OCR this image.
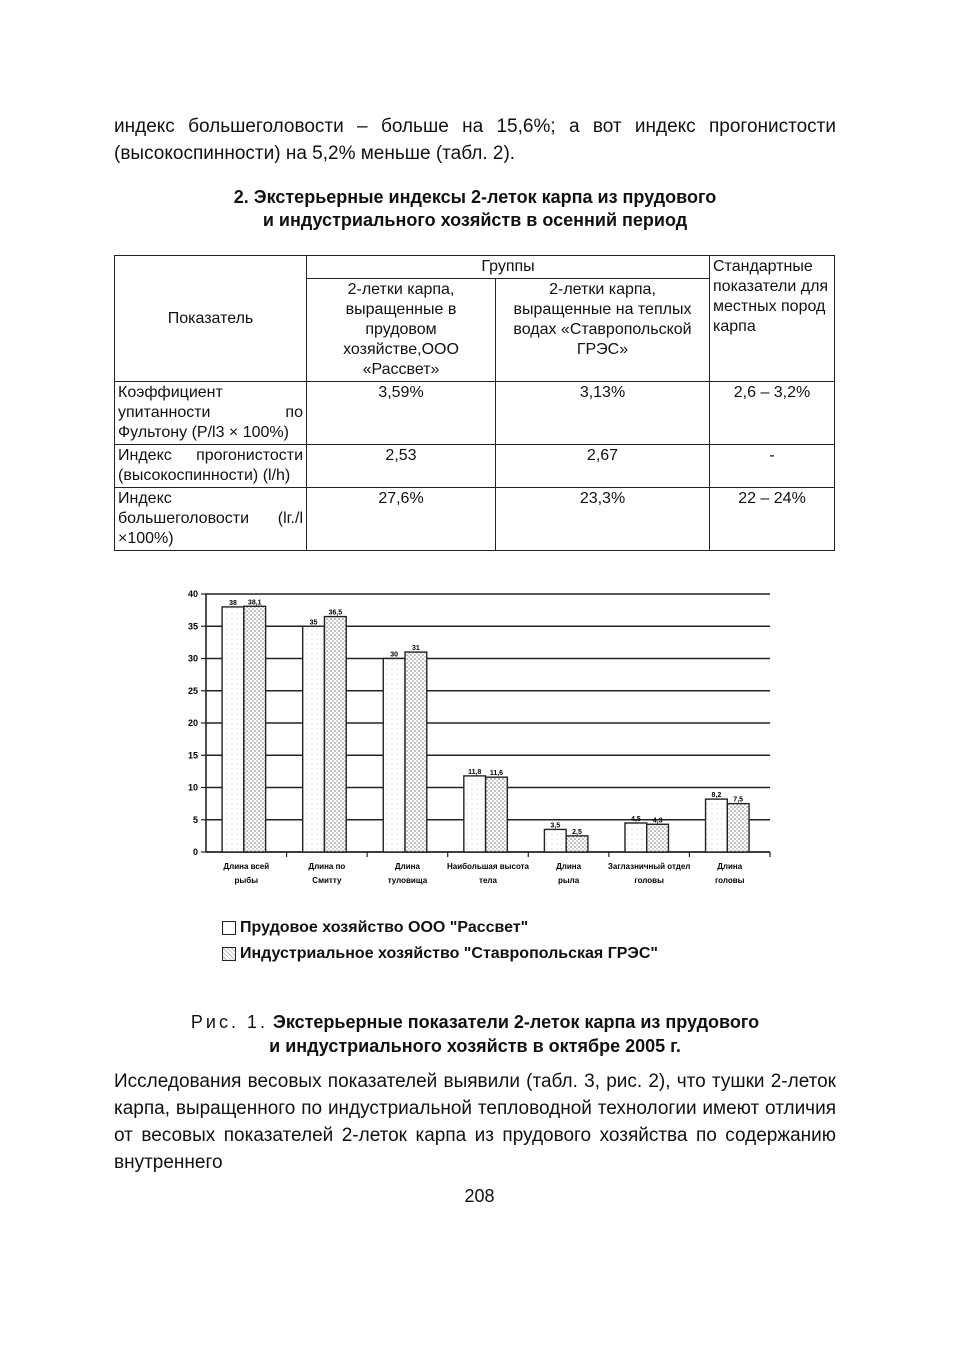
индекс большеголовости – больше на 15,6%; а вот индекс прогонистости (высокоспинности) на 5,2% меньше (табл. 2).

2. Экстерьерные индексы 2-леток карпа из прудового
и индустриального хозяйств в осенний период
Показатель	Группы		Стандартные показатели для местных пород карпа
	2-летки карпа, выращенные в прудовом хозяйстве,ООО «Рассвет»	2-летки карпа, выращенные на теплых водах «Ставропольской ГРЭС»	
Коэффициент упитанности по Фультону (P/l3 × 100%)	3,59%	3,13%	2,6 – 3,2%
Индекс прогонистости (высокоспинности) (l/h)	2,53	2,67	-
Индекс большеголовости (lг./l ×100%)	27,6%	23,3%	22 – 24%
0
5
10
15
20
25
30
35
40
38 38,1
Длина всей
рыбы
35
36,5
Длина по
Смитту
30
31
Длина
туловища
11,8 11,6
Наибольшая высота
тела
3,5
2,5
Длина
рыла
4,5 4,3
Заглазничный отдел
головы
8,2
7,5
Длина
головы
Прудовое хозяйство ООО "Рассвет"
Индустриальное хозяйство "Ставропольская ГРЭС"
Рис. 1. Экстерьерные показатели 2-леток карпа из прудового
и индустриального хозяйств в октябре 2005 г.

Исследования весовых показателей выявили (табл. 3, рис. 2), что тушки 2-леток карпа, выращенного по индустриальной тепловодной технологии имеют отличия от весовых показателей 2-леток карпа из прудового хозяйства по содержанию внутреннего

208
